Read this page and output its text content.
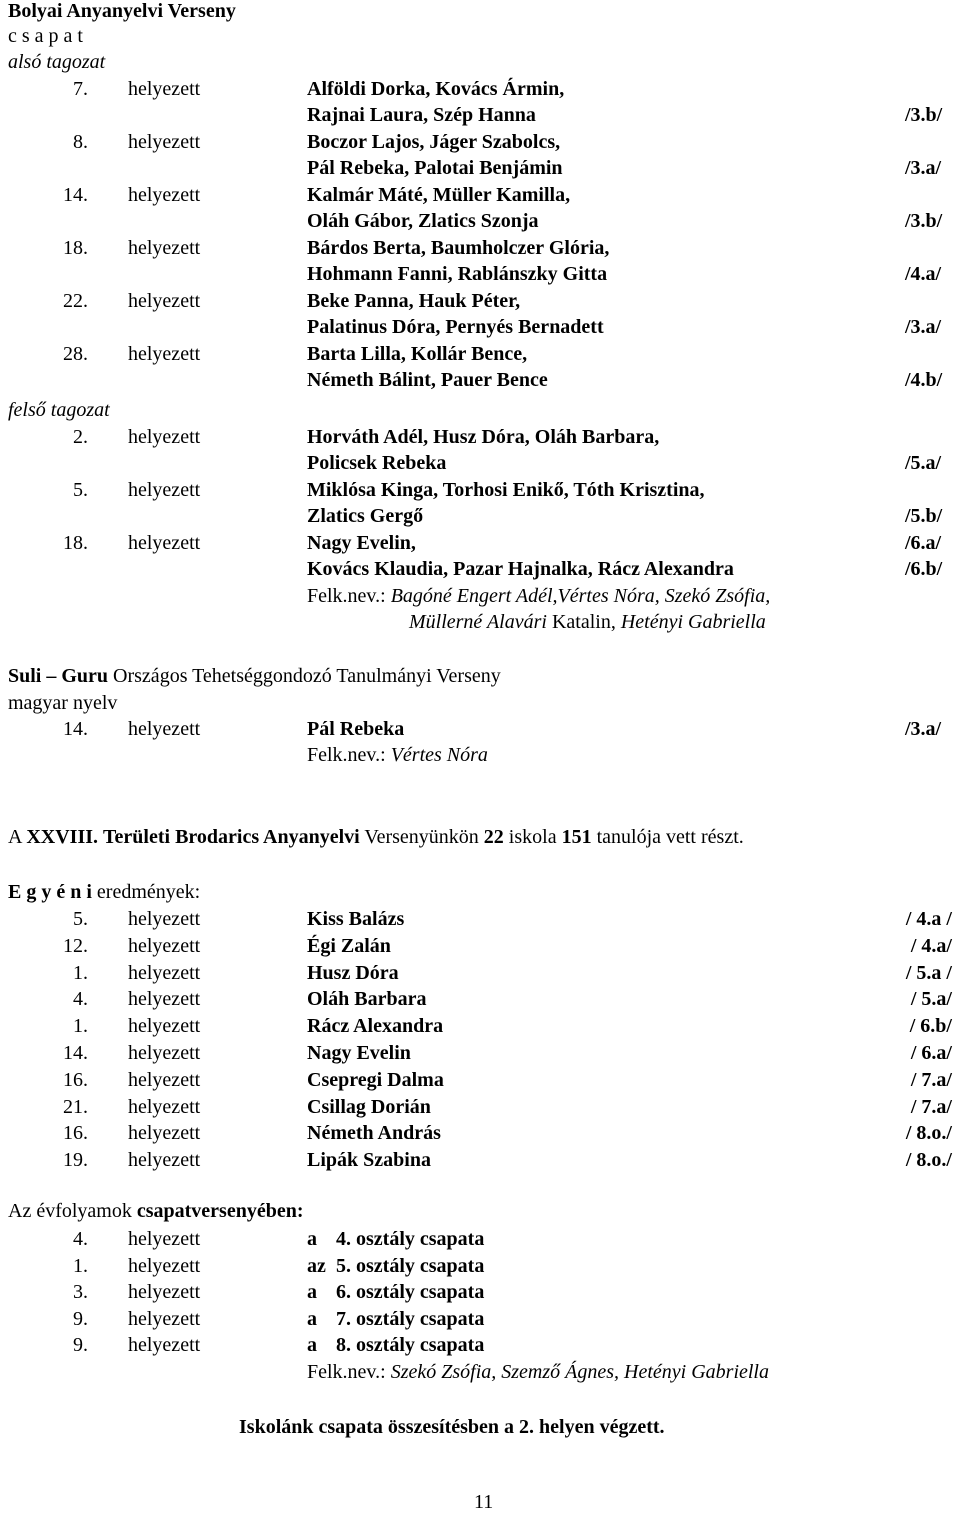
Bolyai Anyanyelvi Verseny
c s a p a t
alsó tagozat
7. helyezett	Alföldi Dorka, Kovács Ármin,
Rajnai Laura, Szép Hanna	/3.b/
8. helyezett	Boczor Lajos, Jáger Szabolcs,
Pál Rebeka, Palotai Benjámin	/3.a/
14. helyezett	Kalmár Máté, Müller Kamilla,
Oláh Gábor, Zlatics Szonja	/3.b/
18. helyezett	Bárdos Berta, Baumholczer Glória,
Hohmann Fanni, Rablánszky Gitta	/4.a/
22. helyezett	Beke Panna, Hauk Péter,
Palatinus Dóra, Pernyés Bernadett	/3.a/
28. helyezett	Barta Lilla, Kollár Bence,
Németh Bálint, Pauer Bence	/4.b/
felső tagozat
2. helyezett	Horváth Adél, Husz Dóra, Oláh Barbara,
Policsek Rebeka	/5.a/
5. helyezett	Miklósa Kinga, Torhosi Enikő, Tóth Krisztina,
Zlatics Gergő	/5.b/
18. helyezett	Nagy Evelin,	/6.a/
Kovács Klaudia, Pazar Hajnalka, Rácz Alexandra	/6.b/
Felk.nev.: Bagóné Engert Adél,Vértes Nóra, Szekó Zsófia,
Müllerné Alavári Katalin, Hetényi Gabriella
Suli – Guru Országos Tehetséggondozó Tanulmányi Verseny
magyar nyelv
14. helyezett	Pál Rebeka	/3.a/
Felk.nev.: Vértes Nóra
A XXVIII. Területi Brodarics Anyanyelvi Versenyünkön 22 iskola 151 tanulója vett részt.
E g y é n i eredmények:
5. helyezett	Kiss Balázs	/ 4.a /
12. helyezett	Égi Zalán	/ 4.a/
1. helyezett	Husz Dóra	/ 5.a /
4. helyezett	Oláh Barbara	/ 5.a/
1. helyezett	Rácz Alexandra	/ 6.b/
14. helyezett	Nagy Evelin	/ 6.a/
16. helyezett	Csepregi Dalma	/ 7.a/
21. helyezett	Csillag Dorián	/ 7.a/
16. helyezett	Németh András	/ 8.o./
19. helyezett	Lipák Szabina	/ 8.o./
Az évfolyamok csapatversenyében:
4. helyezett	a 4. osztály csapata
1. helyezett	az 5. osztály csapata
3. helyezett	a 6. osztály csapata
9. helyezett	a 7. osztály csapata
9. helyezett	a 8. osztály csapata
Felk.nev.: Szekó Zsófia, Szemző Ágnes, Hetényi Gabriella
Iskolánk csapata összesítésben a 2. helyen végzett.
11
